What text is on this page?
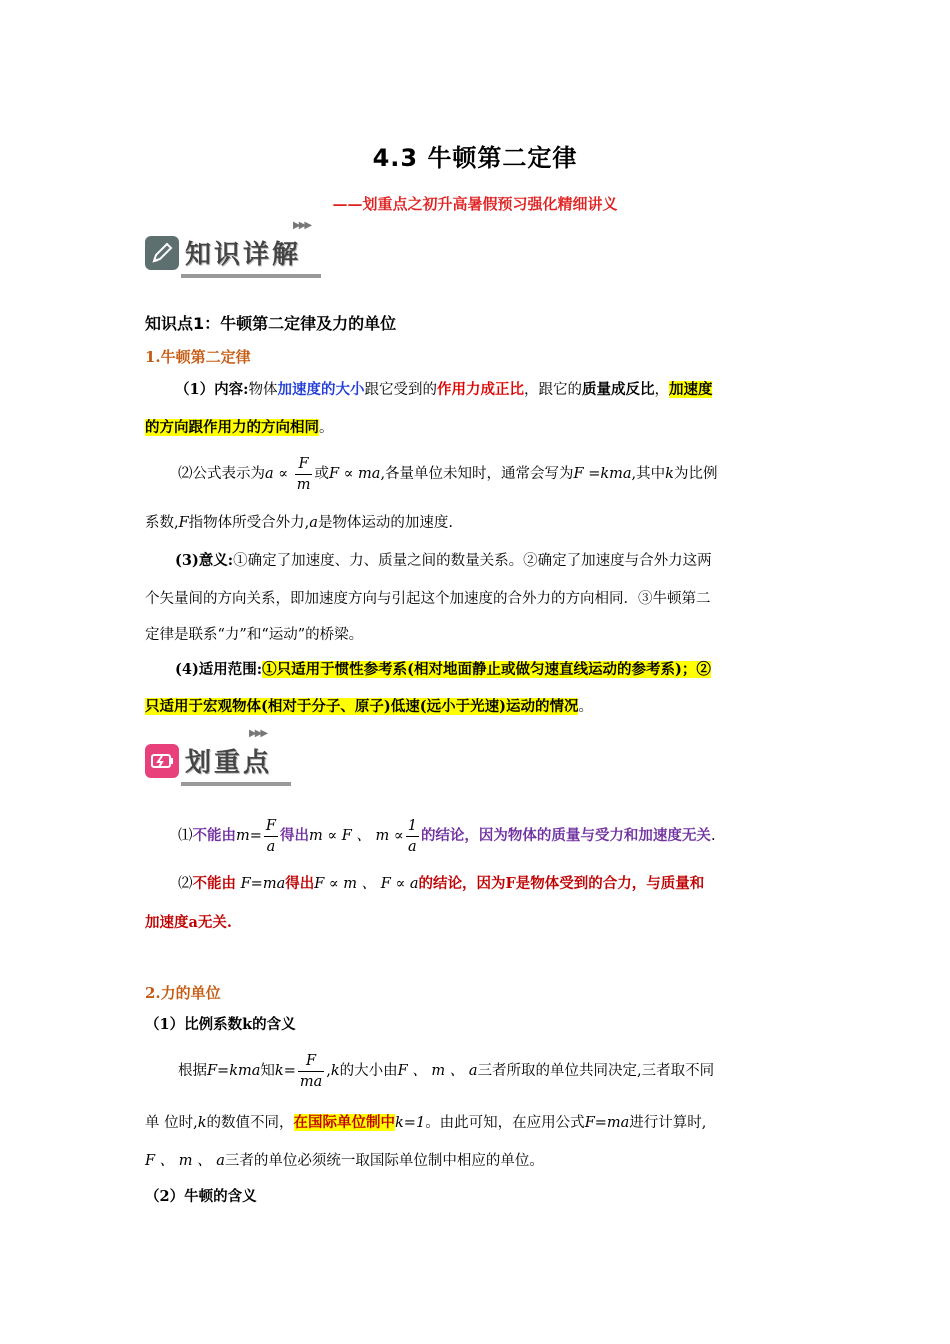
4.3 牛顿第二定律
——划重点之初升高暑假预习强化精细讲义
知识详解
▶▶▶
知识点1：牛顿第二定律及力的单位
1.牛顿第二定律
（1）内容:物体加速度的大小跟它受到的作用力成正比，跟它的质量成反比，加速度
的方向跟作用力的方向相同。
⑵公式表示为$a \propto \frac{F}{m}$ 或F ∝ ma,各量单位未知时，通常会写为F =kma,其中k为比例
系数,F指物体所受合外力,a是物体运动的加速度.
(3)意义:①确定了加速度、力、质量之间的数量关系。②确定了加速度与合外力这两
个矢量间的方向关系，即加速度方向与引起这个加速度的合外力的方向相同．③牛顿第二
定律是联系“力”和“运动”的桥梁。
(4)适用范围:①只适用于惯性参考系(相对地面静止或做匀速直线运动的参考系)；②
只适用于宏观物体(相对于分子、原子)低速(远小于光速)运动的情况。
划重点
▶▶▶
⑴不能由$m= \frac{F}{a}$ 得出m ∝ F 、 $m \propto \frac{1}{a}$ 的结论，因为物体的质量与受力和加速度无关.
⑵不能由 F=ma得出F ∝ m 、 F ∝ a的结论，因为F是物体受到的合力，与质量和
加速度a无关.
2.力的单位
（1）比例系数k的含义
根据F=kma知$k= \frac{F}{ma} ,k$的大小由F 、 m 、 a三者所取的单位共同决定,三者取不同
单 位时,k的数值不同，在国际单位制中k=1。由此可知，在应用公式F=ma进行计算时,
F 、 m 、 a三者的单位必须统一取国际单位制中相应的单位。
（2）牛顿的含义
